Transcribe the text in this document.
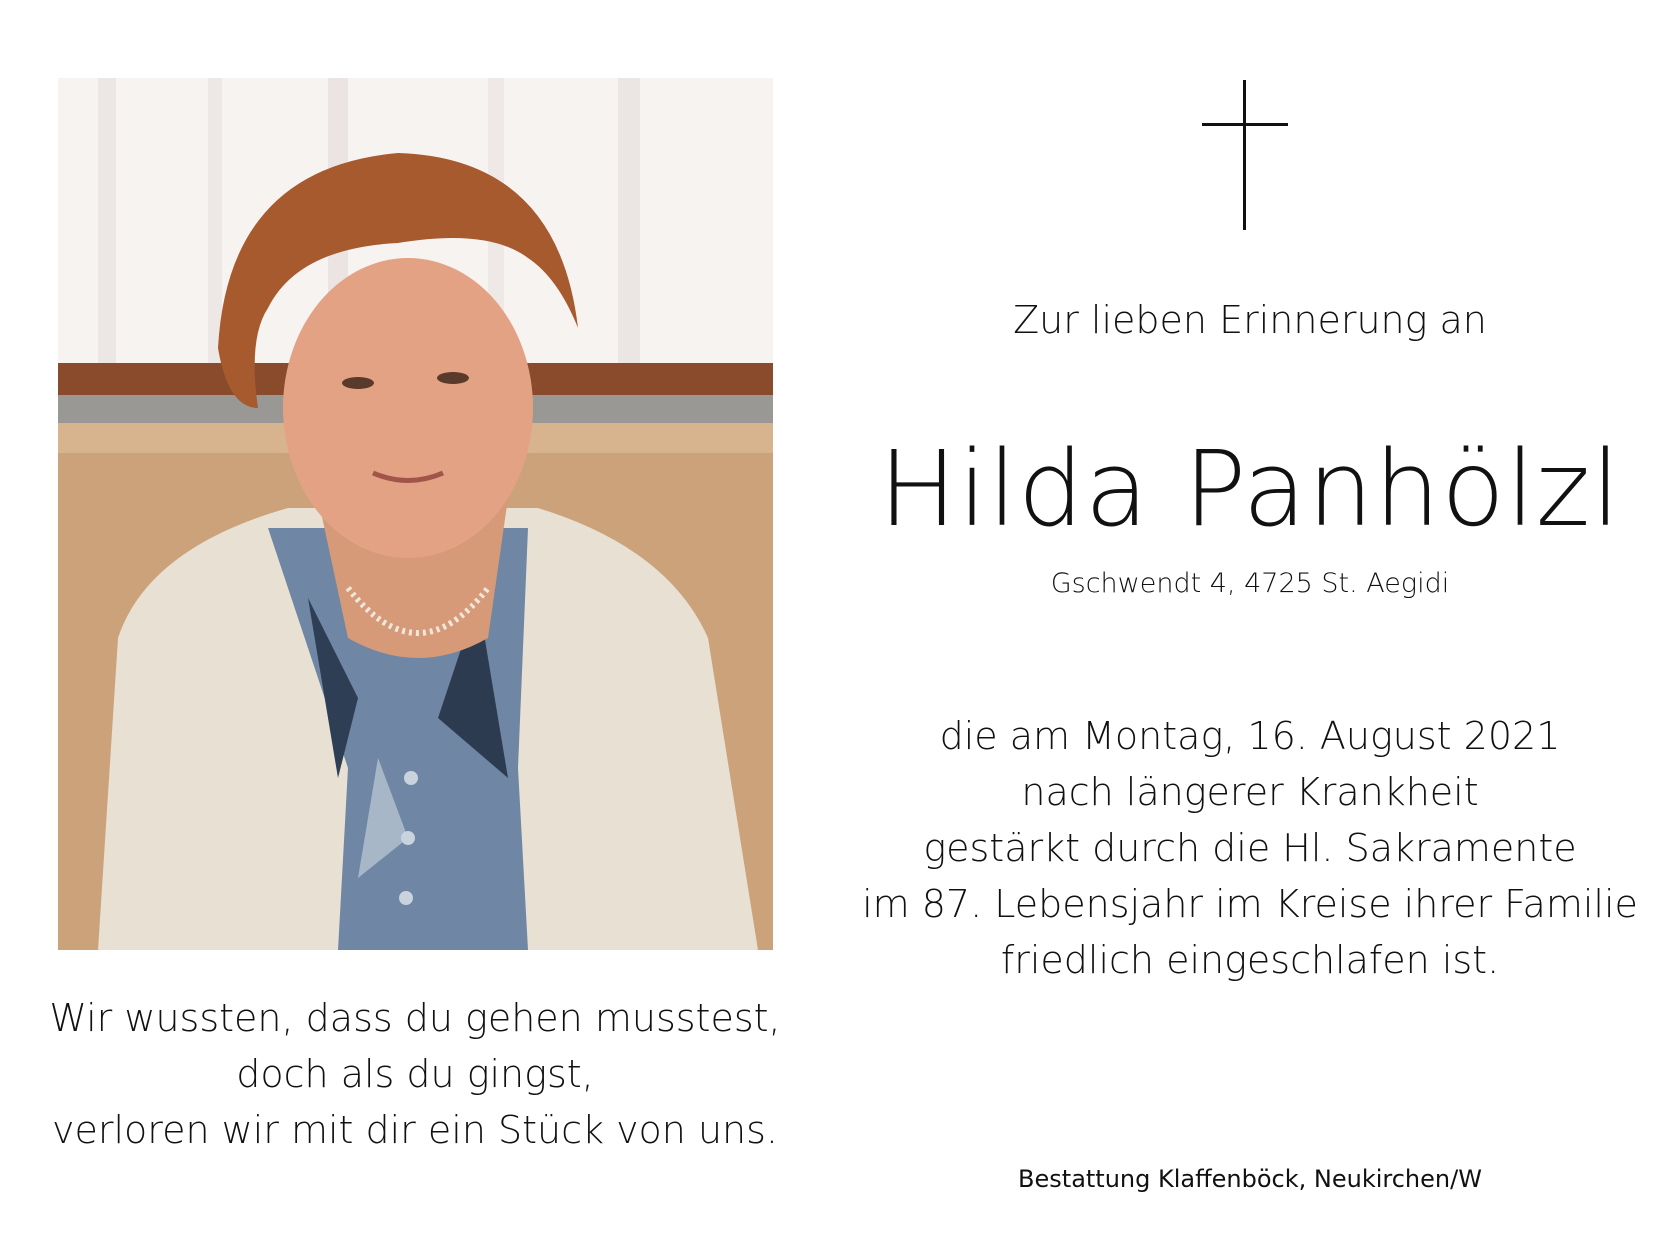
Wir wussten, dass du gehen musstest,
doch als du gingst,
verloren wir mit dir ein Stück von uns.
Zur lieben Erinnerung an
Hilda Panhölzl
Gschwendt 4, 4725 St. Aegidi
die am Montag, 16. August 2021
nach längerer Krankheit
gestärkt durch die Hl. Sakramente
im 87. Lebensjahr im Kreise ihrer Familie
friedlich eingeschlafen ist.
Bestattung Klaffenböck, Neukirchen/W
